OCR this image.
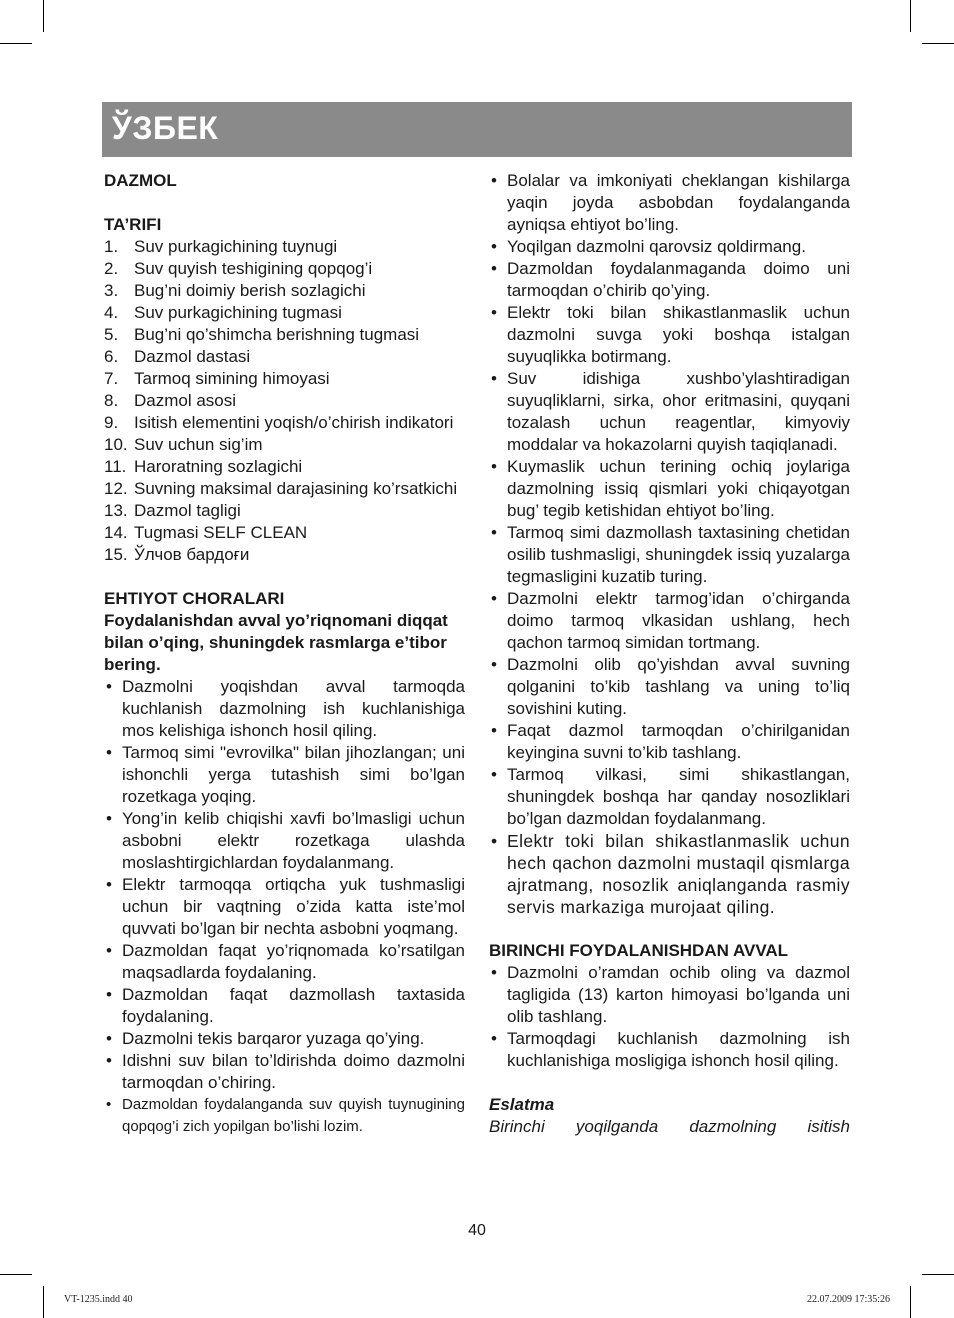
ЎЗБЕК

DAZMOL

TA’RIFI

1. Suv purkagichining tuynugi
2. Suv quyish teshigining qopqog’i
3. Bug’ni doimiy berish sozlagichi
4. Suv purkagichining tugmasi
5. Bug’ni qo’shimcha berishning tugmasi
6. Dazmol dastasi
7. Tarmoq simining himoyasi
8. Dazmol asosi
9. Isitish elementini yoqish/o’chirish indikatori
10. Suv uchun sig’im
11. Haroratning sozlagichi
12. Suvning maksimal darajasining ko’rsatkichi
13. Dazmol tagligi
14. Tugmasi SELF CLEAN
15. Ўлчов бардоғи

EHTIYOT CHORALARI

Foydalanishdan avval yo’riqnomani diqqat bilan o’qing, shuningdek rasmlarga e’tibor bering.
• Dazmolni yoqishdan avval tarmoqda kuchlanish dazmolning ish kuchlanishiga mos kelishiga ishonch hosil qiling.
• Tarmoq simi "evrovilka" bilan jihozlangan; uni ishonchli yerga tutashish simi bo’lgan rozetkaga yoqing.
• Yong’in kelib chiqishi xavfi bo’lmasligi uchun asbobni elektr rozetkaga ulashda moslashtirgichlardan foydalanmang.
• Elektr tarmoqqa ortiqcha yuk tushmasligi uchun bir vaqtning o’zida katta iste’mol quvvati bo’lgan bir nechta asbobni yoqmang.
• Dazmoldan faqat yo’riqnomada ko’rsatilgan maqsadlarda foydalaning.
• Dazmoldan faqat dazmollash taxtasida foydalaning.
• Dazmolni tekis barqaror yuzaga qo’ying.
• Idishni suv bilan to’ldirishda doimo dazmolni tarmoqdan o’chiring.
• Dazmoldan foydalanganda suv quyish tuynugining qopqog’i zich yopilgan bo’lishi lozim.
• Bolalar va imkoniyati cheklangan kishilarga yaqin joyda asbobdan foydalanganda ayniqsa ehtiyot bo’ling.
• Yoqilgan dazmolni qarovsiz qoldirmang.
• Dazmoldan foydalanmaganda doimo uni tarmoqdan o’chirib qo’ying.
• Elektr toki bilan shikastlanmaslik uchun dazmolni suvga yoki boshqa istalgan suyuqlikka botirmang.
• Suv idishiga xushbo’ylashtiradigan suyuqliklarni, sirka, ohor eritmasini, quyqani tozalash uchun reagentlar, kimyoviy moddalar va hokazolarni quyish taqiqlanadi.
• Kuymaslik uchun terining ochiq joylariga dazmolning issiq qismlari yoki chiqayotgan bug’ tegib ketishidan ehtiyot bo’ling.
• Tarmoq simi dazmollash taxtasining chetidan osilib tushmasligi, shuningdek issiq yuzalarga tegmasligini kuzatib turing.
• Dazmolni elektr tarmog’idan o’chirganda doimo tarmoq vlkasidan ushlang, hech qachon tarmoq simidan tortmang.
• Dazmolni olib qo’yishdan avval suvning qolganini to’kib tashlang va uning to’liq sovishini kuting.
• Faqat dazmol tarmoqdan o’chirilganidan keyingina suvni to’kib tashlang.
• Tarmoq vilkasi, simi shikastlangan, shuningdek boshqa har qanday nosozliklari bo’lgan dazmoldan foydalanmang.
• Elektr toki bilan shikastlanmaslik uchun hech qachon dazmolni mustaqil qismlarga ajratmang, nosozlik aniqlanganda rasmiy servis markaziga murojaat qiling.

BIRINCHI FOYDALANISHDAN AVVAL

• Dazmolni o’ramdan ochib oling va dazmol tagligida (13) karton himoyasi bo’lganda uni olib tashlang.
• Tarmoqdagi kuchlanish dazmolning ish kuchlanishiga mosligiga ishonch hosil qiling.

Eslatma

Birinchi yoqilganda dazmolning isitish
40
VT-1235.indd 40	22.07.2009 17:35:26
